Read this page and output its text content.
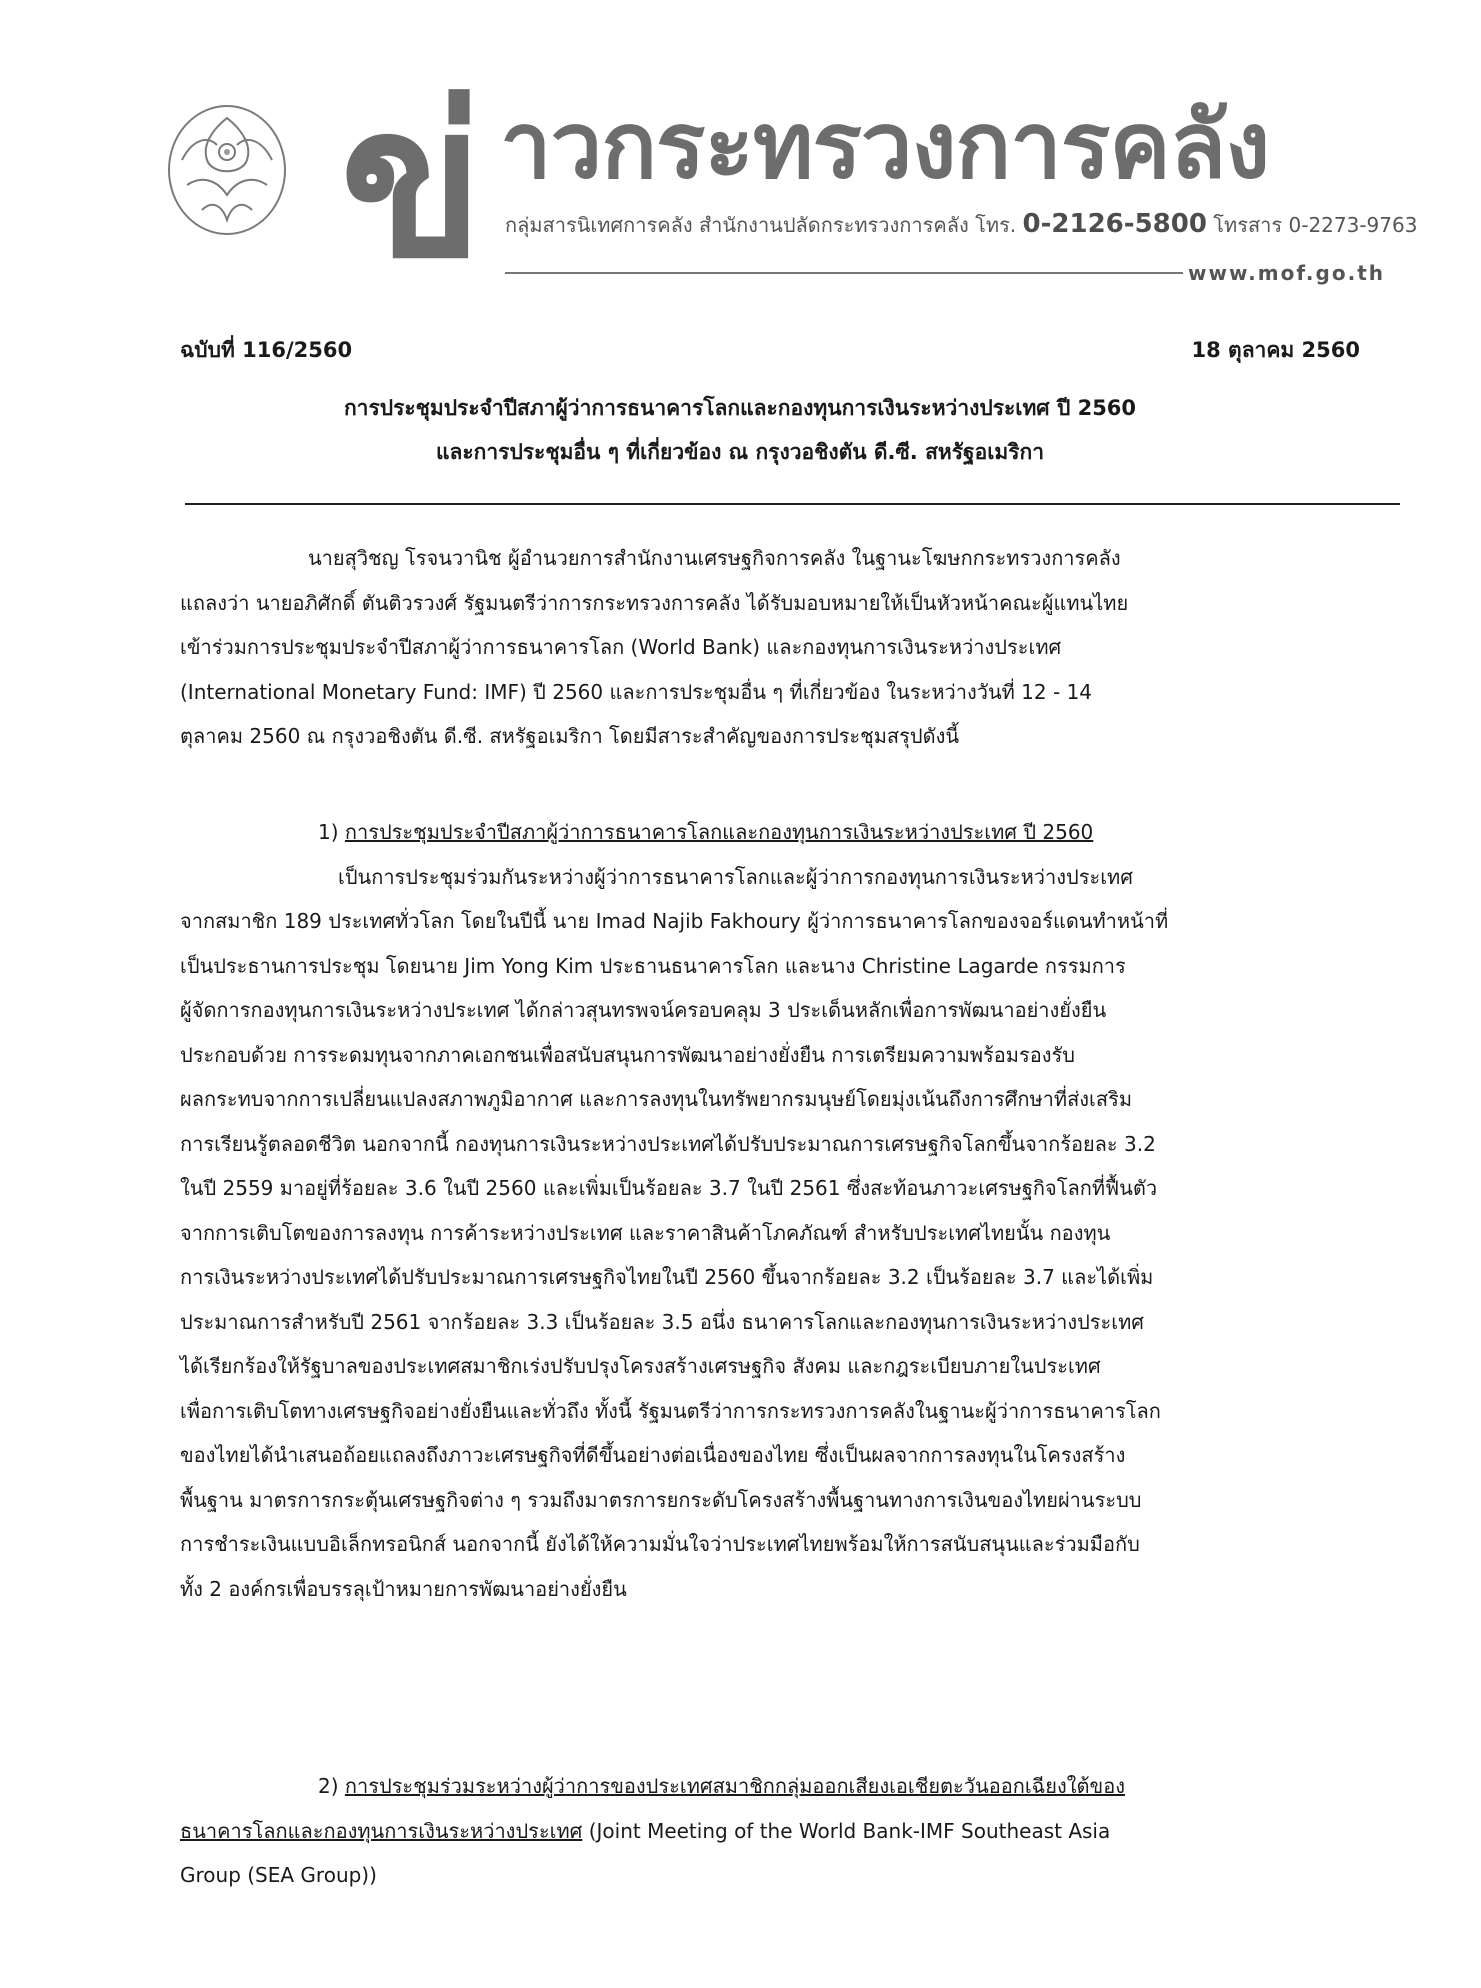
ข่ าวกระทรวงการคลัง
กลุ่มสารนิเทศการคลัง สำนักงานปลัดกระทรวงการคลัง โทร. 0-2126-5800 โทรสาร 0-2273-9763
www.mof.go.th
ฉบับที่ 116/2560	18 ตุลาคม 2560
การประชุมประจำปีสภาผู้ว่าการธนาคารโลกและกองทุนการเงินระหว่างประเทศ ปี 2560
และการประชุมอื่น ๆ ที่เกี่ยวข้อง ณ กรุงวอชิงตัน ดี.ซี. สหรัฐอเมริกา
นายสุวิชญ โรจนวานิช ผู้อำนวยการสำนักงานเศรษฐกิจการคลัง ในฐานะโฆษกกระทรวงการคลัง
แถลงว่า นายอภิศักดิ์ ตันติวรวงศ์ รัฐมนตรีว่าการกระทรวงการคลัง ได้รับมอบหมายให้เป็นหัวหน้าคณะผู้แทนไทย
เข้าร่วมการประชุมประจำปีสภาผู้ว่าการธนาคารโลก (World Bank) และกองทุนการเงินระหว่างประเทศ
(International Monetary Fund: IMF) ปี 2560 และการประชุมอื่น ๆ ที่เกี่ยวข้อง ในระหว่างวันที่ 12 - 14
ตุลาคม 2560 ณ กรุงวอชิงตัน ดี.ซี. สหรัฐอเมริกา โดยมีสาระสำคัญของการประชุมสรุปดังนี้
1) การประชุมประจำปีสภาผู้ว่าการธนาคารโลกและกองทุนการเงินระหว่างประเทศ ปี 2560
เป็นการประชุมร่วมกันระหว่างผู้ว่าการธนาคารโลกและผู้ว่าการกองทุนการเงินระหว่างประเทศ
จากสมาชิก 189 ประเทศทั่วโลก โดยในปีนี้ นาย Imad Najib Fakhoury ผู้ว่าการธนาคารโลกของจอร์แดนทำหน้าที่
เป็นประธานการประชุม โดยนาย Jim Yong Kim ประธานธนาคารโลก และนาง Christine Lagarde กรรมการ
ผู้จัดการกองทุนการเงินระหว่างประเทศ ได้กล่าวสุนทรพจน์ครอบคลุม 3 ประเด็นหลักเพื่อการพัฒนาอย่างยั่งยืน
ประกอบด้วย การระดมทุนจากภาคเอกชนเพื่อสนับสนุนการพัฒนาอย่างยั่งยืน การเตรียมความพร้อมรองรับ
ผลกระทบจากการเปลี่ยนแปลงสภาพภูมิอากาศ และการลงทุนในทรัพยากรมนุษย์โดยมุ่งเน้นถึงการศึกษาที่ส่งเสริม
การเรียนรู้ตลอดชีวิต นอกจากนี้ กองทุนการเงินระหว่างประเทศได้ปรับประมาณการเศรษฐกิจโลกขึ้นจากร้อยละ 3.2
ในปี 2559 มาอยู่ที่ร้อยละ 3.6 ในปี 2560 และเพิ่มเป็นร้อยละ 3.7 ในปี 2561 ซึ่งสะท้อนภาวะเศรษฐกิจโลกที่ฟื้นตัว
จากการเติบโตของการลงทุน การค้าระหว่างประเทศ และราคาสินค้าโภคภัณฑ์ สำหรับประเทศไทยนั้น กองทุน
การเงินระหว่างประเทศได้ปรับประมาณการเศรษฐกิจไทยในปี 2560 ขึ้นจากร้อยละ 3.2 เป็นร้อยละ 3.7 และได้เพิ่ม
ประมาณการสำหรับปี 2561 จากร้อยละ 3.3 เป็นร้อยละ 3.5 อนึ่ง ธนาคารโลกและกองทุนการเงินระหว่างประเทศ
ได้เรียกร้องให้รัฐบาลของประเทศสมาชิกเร่งปรับปรุงโครงสร้างเศรษฐกิจ สังคม และกฎระเบียบภายในประเทศ
เพื่อการเติบโตทางเศรษฐกิจอย่างยั่งยืนและทั่วถึง ทั้งนี้ รัฐมนตรีว่าการกระทรวงการคลังในฐานะผู้ว่าการธนาคารโลก
ของไทยได้นำเสนอถ้อยแถลงถึงภาวะเศรษฐกิจที่ดีขึ้นอย่างต่อเนื่องของไทย ซึ่งเป็นผลจากการลงทุนในโครงสร้าง
พื้นฐาน มาตรการกระตุ้นเศรษฐกิจต่าง ๆ รวมถึงมาตรการยกระดับโครงสร้างพื้นฐานทางการเงินของไทยผ่านระบบ
การชำระเงินแบบอิเล็กทรอนิกส์ นอกจากนี้ ยังได้ให้ความมั่นใจว่าประเทศไทยพร้อมให้การสนับสนุนและร่วมมือกับ
ทั้ง 2 องค์กรเพื่อบรรลุเป้าหมายการพัฒนาอย่างยั่งยืน
2) การประชุมร่วมระหว่างผู้ว่าการของประเทศสมาชิกกลุ่มออกเสียงเอเชียตะวันออกเฉียงใต้ของ
ธนาคารโลกและกองทุนการเงินระหว่างประเทศ (Joint Meeting of the World Bank-IMF Southeast Asia
Group (SEA Group))
